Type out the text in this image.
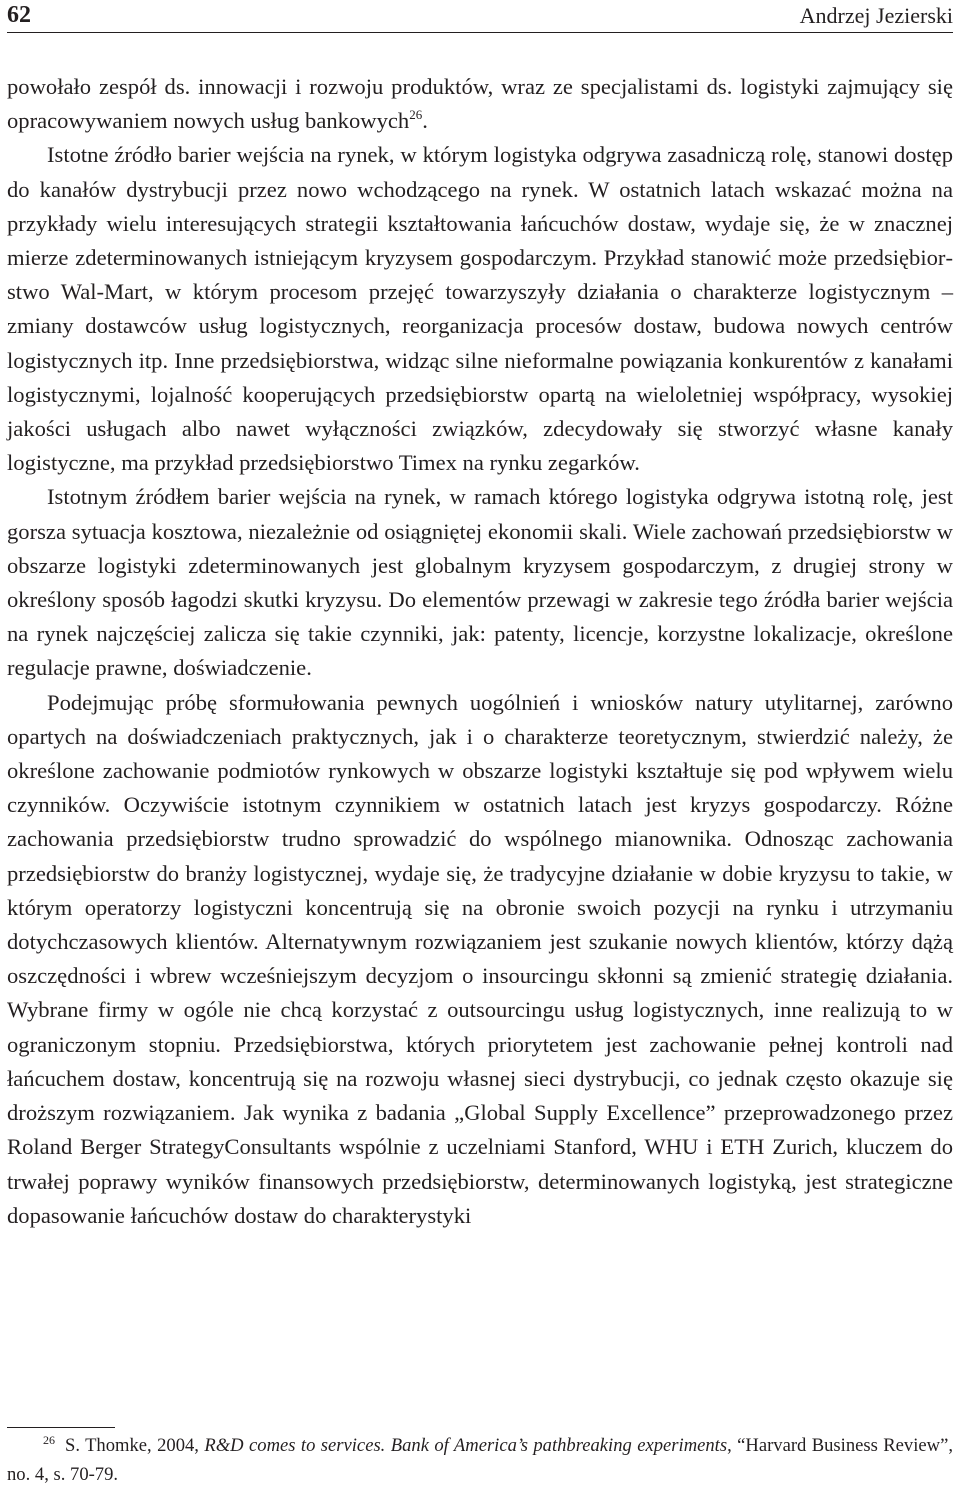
62	Andrzej Jezierski

powołało zespół ds. innowacji i rozwoju produktów, wraz ze specjalistami ds. logistyki zajmujący się opracowywaniem nowych usług bankowych$^{26}$.

Istotne źródło barier wejścia na rynek, w którym logistyka odgrywa zasadniczą rolę, stanowi dostęp do kanałów dystrybucji przez nowo wchodzącego na rynek. W ostatnich latach wskazać można na przykłady wielu interesujących strategii kształtowania łańcuchów dostaw, wydaje się, że w znacznej mierze zdeterminowanych istniejącym kryzysem gospodarczym. Przykład stanowić może przedsiębiorstwo Wal-Mart, w którym procesom przejęć towarzyszyły działania o charakterze logistycznym – zmiany dostawców usług logistycznych, reorganizacja procesów dostaw, budowa nowych centrów logistycznych itp. Inne przedsiębiorstwa, widząc silne nieformalne powiązania konkurentów z kanałami logistycznymi, lojalność kooperujących przedsiębiorstw opartą na wieloletniej współpracy, wysokiej jakości usługach albo nawet wyłączności związków, zdecydowały się stworzyć własne kanały logistyczne, ma przykład przedsiębiorstwo Timex na rynku zegarków.

Istotnym źródłem barier wejścia na rynek, w ramach którego logistyka odgrywa istotną rolę, jest gorsza sytuacja kosztowa, niezależnie od osiągniętej ekonomii skali. Wiele zachowań przedsiębiorstw w obszarze logistyki zdeterminowanych jest globalnym kryzysem gospodarczym, z drugiej strony w określony sposób łagodzi skutki kryzysu. Do elementów przewagi w zakresie tego źródła barier wejścia na rynek najczęściej zalicza się takie czynniki, jak: patenty, licencje, korzystne lokalizacje, określone regulacje prawne, doświadczenie.

Podejmując próbę sformułowania pewnych uogólnień i wniosków natury utylitarnej, zarówno opartych na doświadczeniach praktycznych, jak i o charakterze teoretycznym, stwierdzić należy, że określone zachowanie podmiotów rynkowych w obszarze logistyki kształtuje się pod wpływem wielu czynników. Oczywiście istotnym czynnikiem w ostatnich latach jest kryzys gospodarczy. Różne zachowania przedsiębiorstw trudno sprowadzić do wspólnego mianownika. Odnosząc zachowania przedsiębiorstw do branży logistycznej, wydaje się, że tradycyjne działanie w dobie kryzysu to takie, w którym operatorzy logistyczni koncentrują się na obronie swoich pozycji na rynku i utrzymaniu dotychczasowych klientów. Alternatywnym rozwiązaniem jest szukanie nowych klientów, którzy dążą oszczędności i wbrew wcześniejszym decyzjom o insourcingu skłonni są zmienić strategię działania. Wybrane firmy w ogóle nie chcą korzystać z outsourcingu usług logistycznych, inne realizują to w ograniczonym stopniu. Przedsiębiorstwa, których priorytetem jest zachowanie pełnej kontroli nad łańcuchem dostaw, koncentrują się na rozwoju własnej sieci dystrybucji, co jednak często okazuje się droższym rozwiązaniem. Jak wynika z badania „Global Supply Excellence” przeprowadzonego przez Roland Berger StrategyConsultants wspólnie z uczelniami Stanford, WHU i ETH Zurich, kluczem do trwałej poprawy wyników finansowych przedsiębiorstw, determinowanych logistyką, jest strategiczne dopasowanie łańcuchów dostaw do charakterystyki

$^{26}$ S. Thomke, 2004, R&D comes to services. Bank of America’s pathbreaking experiments, “Harvard Business Review”, no. 4, s. 70-79.
